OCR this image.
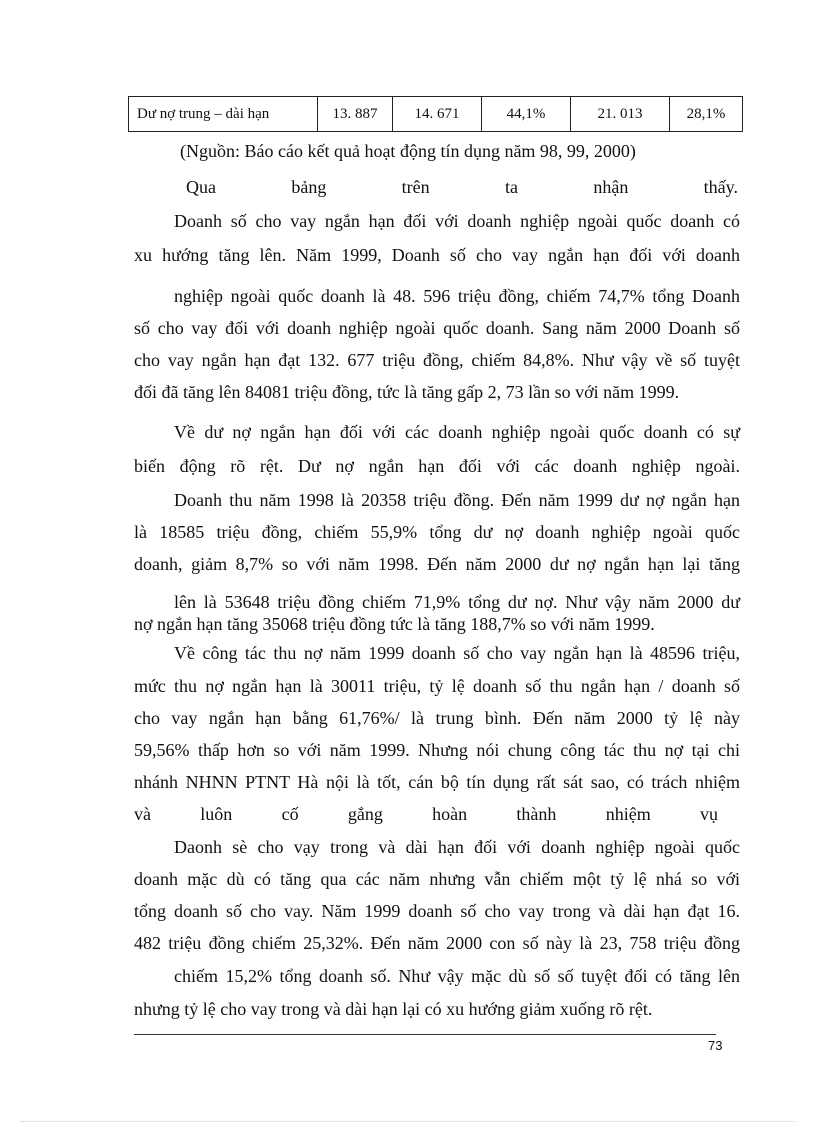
Dư nợ trung – dài hạn	13. 887	14. 671	44,1%	21. 013	28,1%
(Nguồn: Báo cáo kết quả hoạt động tín dụng năm 98, 99, 2000)
Qua bảng trên ta nhận thấy.
Doanh số cho vay ngắn hạn đối với doanh nghiệp ngoài quốc doanh có
xu hướng tăng lên. Năm 1999, Doanh số cho vay ngắn hạn đối với doanh
nghiệp ngoài quốc doanh là 48. 596 triệu đồng, chiếm 74,7% tổng Doanh
số cho vay đối với doanh nghiệp ngoài quốc doanh. Sang năm 2000 Doanh số
cho vay ngắn hạn đạt 132. 677 triệu đồng, chiếm 84,8%. Như vậy về số tuyệt
đối đã tăng lên 84081 triệu đồng, tức là tăng gấp 2, 73 lần so với năm 1999.
Về dư nợ ngắn hạn đối với các doanh nghiệp ngoài quốc doanh có sự
biến động rõ rệt. Dư nợ ngắn hạn đối với các doanh nghiệp ngoài.
Doanh thu năm 1998 là 20358 triệu đồng. Đến năm 1999 dư nợ ngắn hạn
là 18585 triệu đồng, chiếm 55,9% tổng dư nợ doanh nghiệp ngoài quốc
doanh, giảm 8,7% so với năm 1998. Đến năm 2000 dư nợ ngắn hạn lại tăng
lên là 53648 triệu đồng chiếm 71,9% tổng dư nợ. Như vậy năm 2000 dư
nợ ngắn hạn tăng 35068 triệu đồng tức là tăng 188,7% so với năm 1999.
Về công tác thu nợ năm 1999 doanh số cho vay ngắn hạn là 48596 triệu,
mức thu nợ ngắn hạn là 30011 triệu, tỷ lệ doanh số thu ngắn hạn / doanh số
cho vay ngắn hạn bằng 61,76%/ là trung bình. Đến năm 2000 tỷ lệ này
59,56% thấp hơn so với năm 1999. Nhưng nói chung công tác thu nợ tại chi
nhánh NHNN PTNT Hà nội là tốt, cán bộ tín dụng rất sát sao, có trách nhiệm
và luôn cố gắng hoàn thành nhiệm vụ
Daonh sè cho vạy trong và dài hạn đối với doanh nghiệp ngoài quốc
doanh mặc dù có tăng qua các năm nhưng vẫn chiếm một tỷ lệ nhá so với
tổng doanh số cho vay. Năm 1999 doanh số cho vay trong và dài hạn đạt 16.
482 triệu đồng chiếm 25,32%. Đến năm 2000 con số này là 23, 758 triệu đồng
chiếm 15,2% tổng doanh số. Như vậy mặc dù số số tuyệt đối có tăng lên
nhưng tỷ lệ cho vay trong và dài hạn lại có xu hướng giảm xuống rõ rệt.
73
